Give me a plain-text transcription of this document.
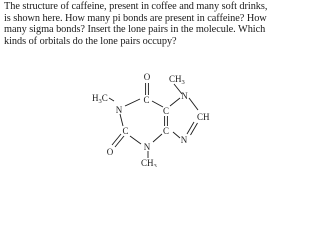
The structure of caffeine, present in coffee and many soft drinks,
is shown here. How many pi bonds are present in caffeine? How
many sigma bonds? Insert the lone pairs in the molecule. Which
kinds of orbitals do the lone pairs occupy?
O
C
N	C
N
CH
N
C
N
C
O
$H_3C$
$CH_3$
$CH_3$
